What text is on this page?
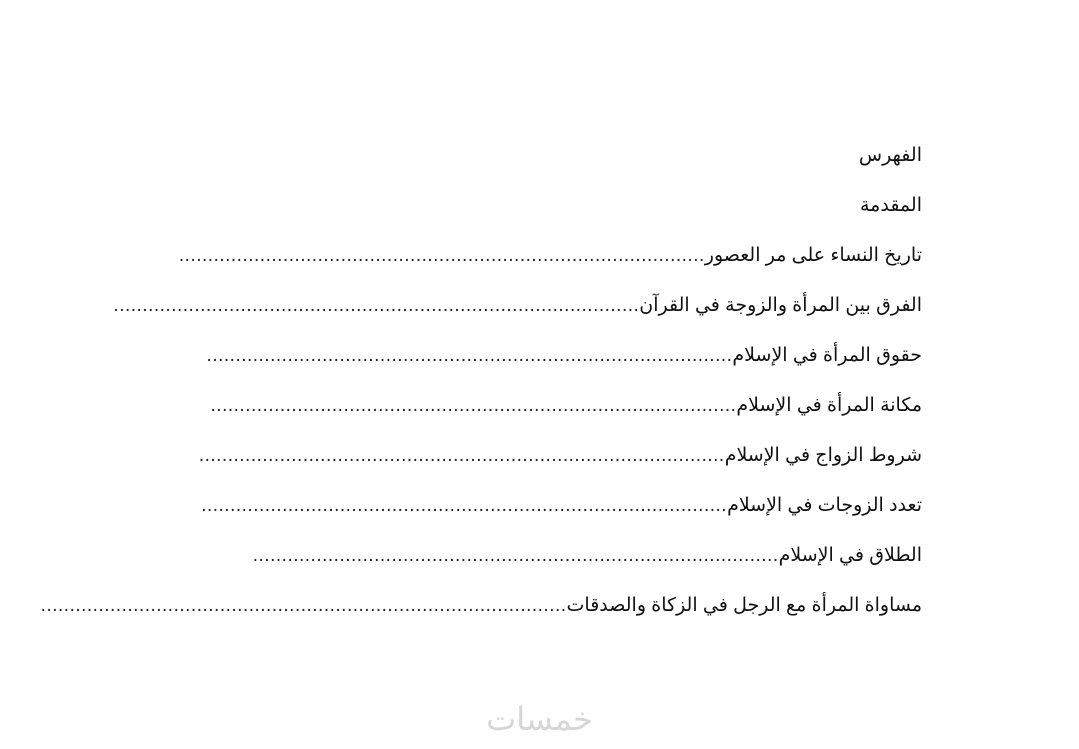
الفهرس
المقدمة
تاريخ النساء على مر العصور
...........................................................................................
الفرق بين المرأة والزوجة في القرآن
...........................................................................................
حقوق المرأة في الإسلام
...........................................................................................
مكانة المرأة في الإسلام
...........................................................................................
شروط الزواج في الإسلام
...........................................................................................
تعدد الزوجات في الإسلام
...........................................................................................
الطلاق في الإسلام
...........................................................................................
مساواة المرأة مع الرجل في الزكاة والصدقات
...........................................................................................
خمسات
